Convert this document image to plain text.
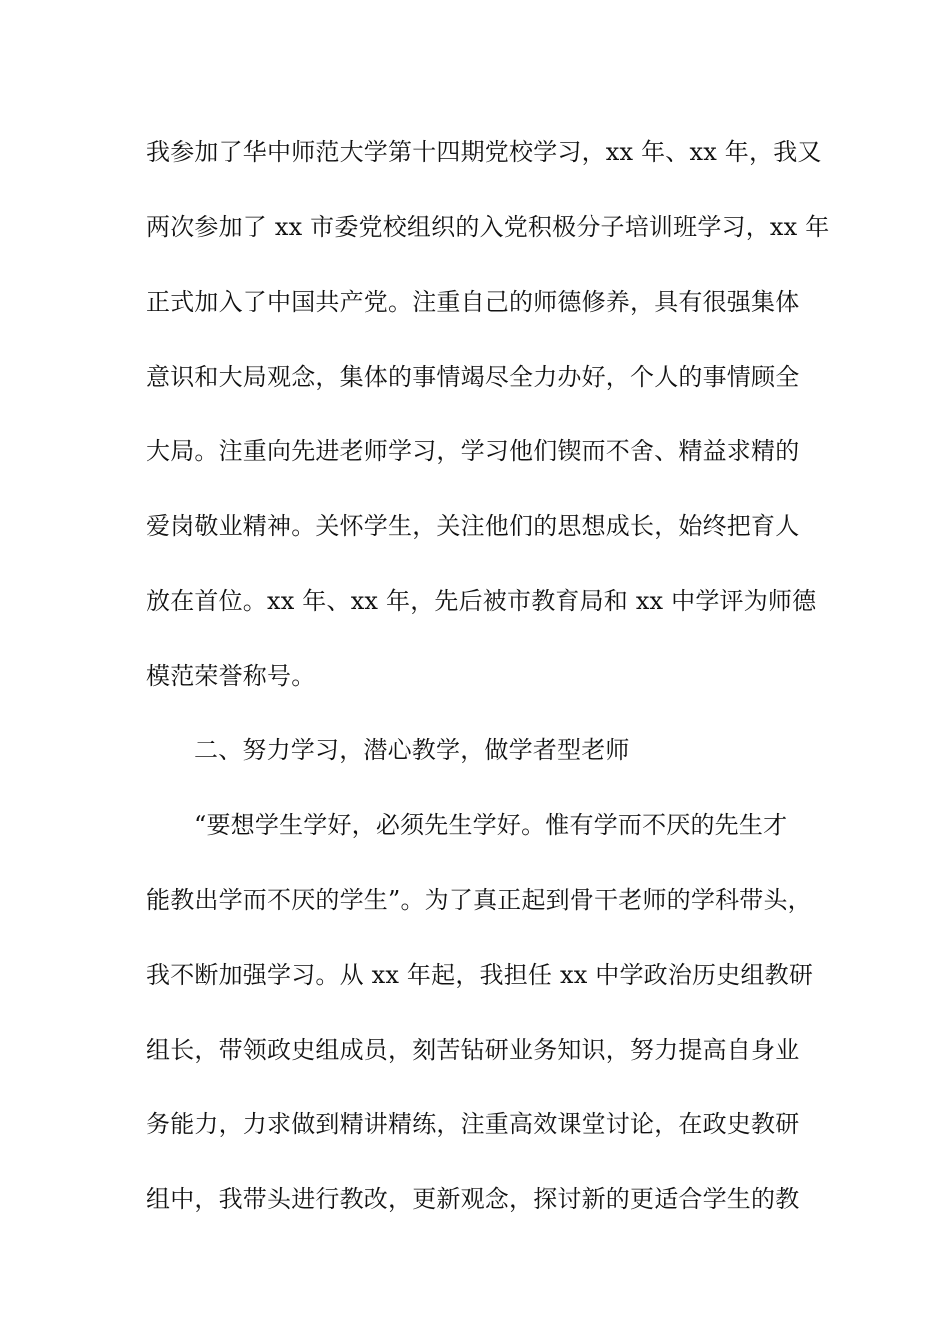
我参加了华中师范大学第十四期党校学习，xx 年、xx 年，我又
两次参加了 xx 市委党校组织的入党积极分子培训班学习，xx 年
正式加入了中国共产党。注重自己的师德修养，具有很强集体
意识和大局观念，集体的事情竭尽全力办好，个人的事情顾全
大局。注重向先进老师学习，学习他们锲而不舍、精益求精的
爱岗敬业精神。关怀学生，关注他们的思想成长，始终把育人
放在首位。xx 年、xx 年，先后被市教育局和 xx 中学评为师德
模范荣誉称号。
二、努力学习，潜心教学，做学者型老师
“要想学生学好，必须先生学好。惟有学而不厌的先生才
能教出学而不厌的学生”。为了真正起到骨干老师的学科带头，
我不断加强学习。从 xx 年起，我担任 xx 中学政治历史组教研
组长，带领政史组成员，刻苦钻研业务知识，努力提高自身业
务能力，力求做到精讲精练，注重高效课堂讨论，在政史教研
组中，我带头进行教改，更新观念，探讨新的更适合学生的教
